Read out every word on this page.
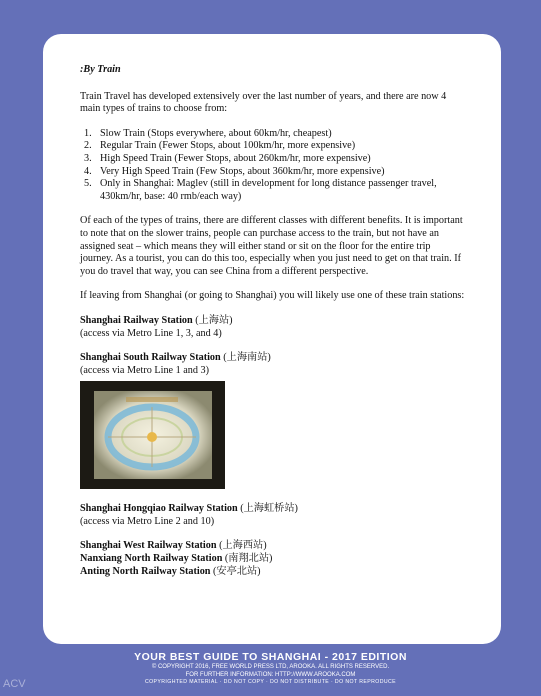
:By Train

Train Travel has developed extensively over the last number of years, and there are now 4 main types of trains to choose from:

1. Slow Train (Stops everywhere, about 60km/hr, cheapest)
2. Regular Train (Fewer Stops, about 100km/hr, more expensive)
3. High Speed Train (Fewer Stops, about 260km/hr, more expensive)
4. Very High Speed Train (Few Stops, about 360km/hr, more expensive)
5. Only in Shanghai: Maglev (still in development for long distance passenger travel, 430km/hr, base: 40 rmb/each way)

Of each of the types of trains, there are different classes with different benefits. It is important to note that on the slower trains, people can purchase access to the train, but not have an assigned seat – which means they will either stand or sit on the floor for the entire trip journey. As a tourist, you can do this too, especially when you just need to get on that train. If you do travel that way, you can see China from a different perspective.

If leaving from Shanghai (or going to Shanghai) you will likely use one of these train stations:

Shanghai Railway Station (上海站)
(access via Metro Line 1, 3, and 4)
Shanghai South Railway Station (上海南站)
(access via Metro Line 1 and 3)
Shanghai Hongqiao Railway Station (上海虹桥站)
(access via Metro Line 2 and 10)
Shanghai West Railway Station (上海西站)
Nanxiang North Railway Station (南翔北站)
Anting North Railway Station (安亭北站)
YOUR BEST GUIDE TO SHANGHAI - 2017 EDITION
© COPYRIGHT 2016, FREE WORLD PRESS LTD, AROOKA. ALL RIGHTS RESERVED.
FOR FURTHER INFORMATION: HTTP://WWW.AROOKA.COM
COPYRIGHTED MATERIAL · DO NOT COPY · DO NOT DISTRIBUTE · DO NOT REPRODUCE
ACV
